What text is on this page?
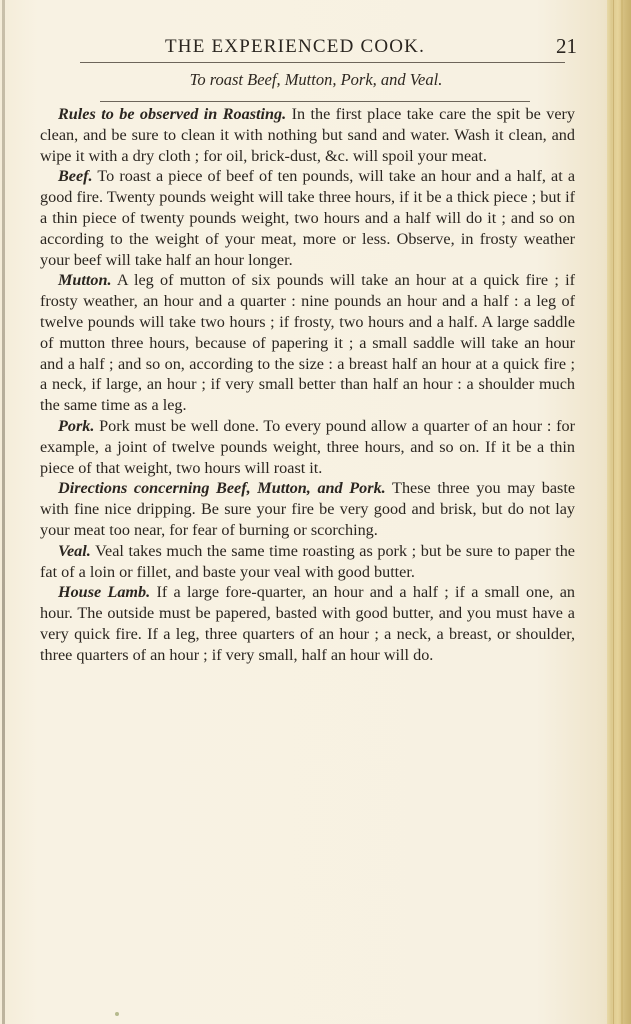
THE EXPERIENCED COOK.	21
To roast Beef, Mutton, Pork, and Veal.

Rules to be observed in Roasting. In the first place take care the spit be very clean, and be sure to clean it with nothing but sand and water. Wash it clean, and wipe it with a dry cloth ; for oil, brick-dust, &c. will spoil your meat.

Beef. To roast a piece of beef of ten pounds, will take an hour and a half, at a good fire. Twenty pounds weight will take three hours, if it be a thick piece ; but if a thin piece of twenty pounds weight, two hours and a half will do it ; and so on according to the weight of your meat, more or less. Observe, in frosty weather your beef will take half an hour longer.

Mutton. A leg of mutton of six pounds will take an hour at a quick fire ; if frosty weather, an hour and a quarter : nine pounds an hour and a half : a leg of twelve pounds will take two hours ; if frosty, two hours and a half. A large saddle of mutton three hours, because of papering it ; a small saddle will take an hour and a half ; and so on, according to the size : a breast half an hour at a quick fire ; a neck, if large, an hour ; if very small better than half an hour : a shoulder much the same time as a leg.

Pork. Pork must be well done. To every pound allow a quarter of an hour : for example, a joint of twelve pounds weight, three hours, and so on. If it be a thin piece of that weight, two hours will roast it.

Directions concerning Beef, Mutton, and Pork. These three you may baste with fine nice dripping. Be sure your fire be very good and brisk, but do not lay your meat too near, for fear of burning or scorching.

Veal. Veal takes much the same time roasting as pork ; but be sure to paper the fat of a loin or fillet, and baste your veal with good butter.

House Lamb. If a large fore-quarter, an hour and a half ; if a small one, an hour. The outside must be papered, basted with good butter, and you must have a very quick fire. If a leg, three quarters of an hour ; a neck, a breast, or shoulder, three quarters of an hour ; if very small, half an hour will do.
